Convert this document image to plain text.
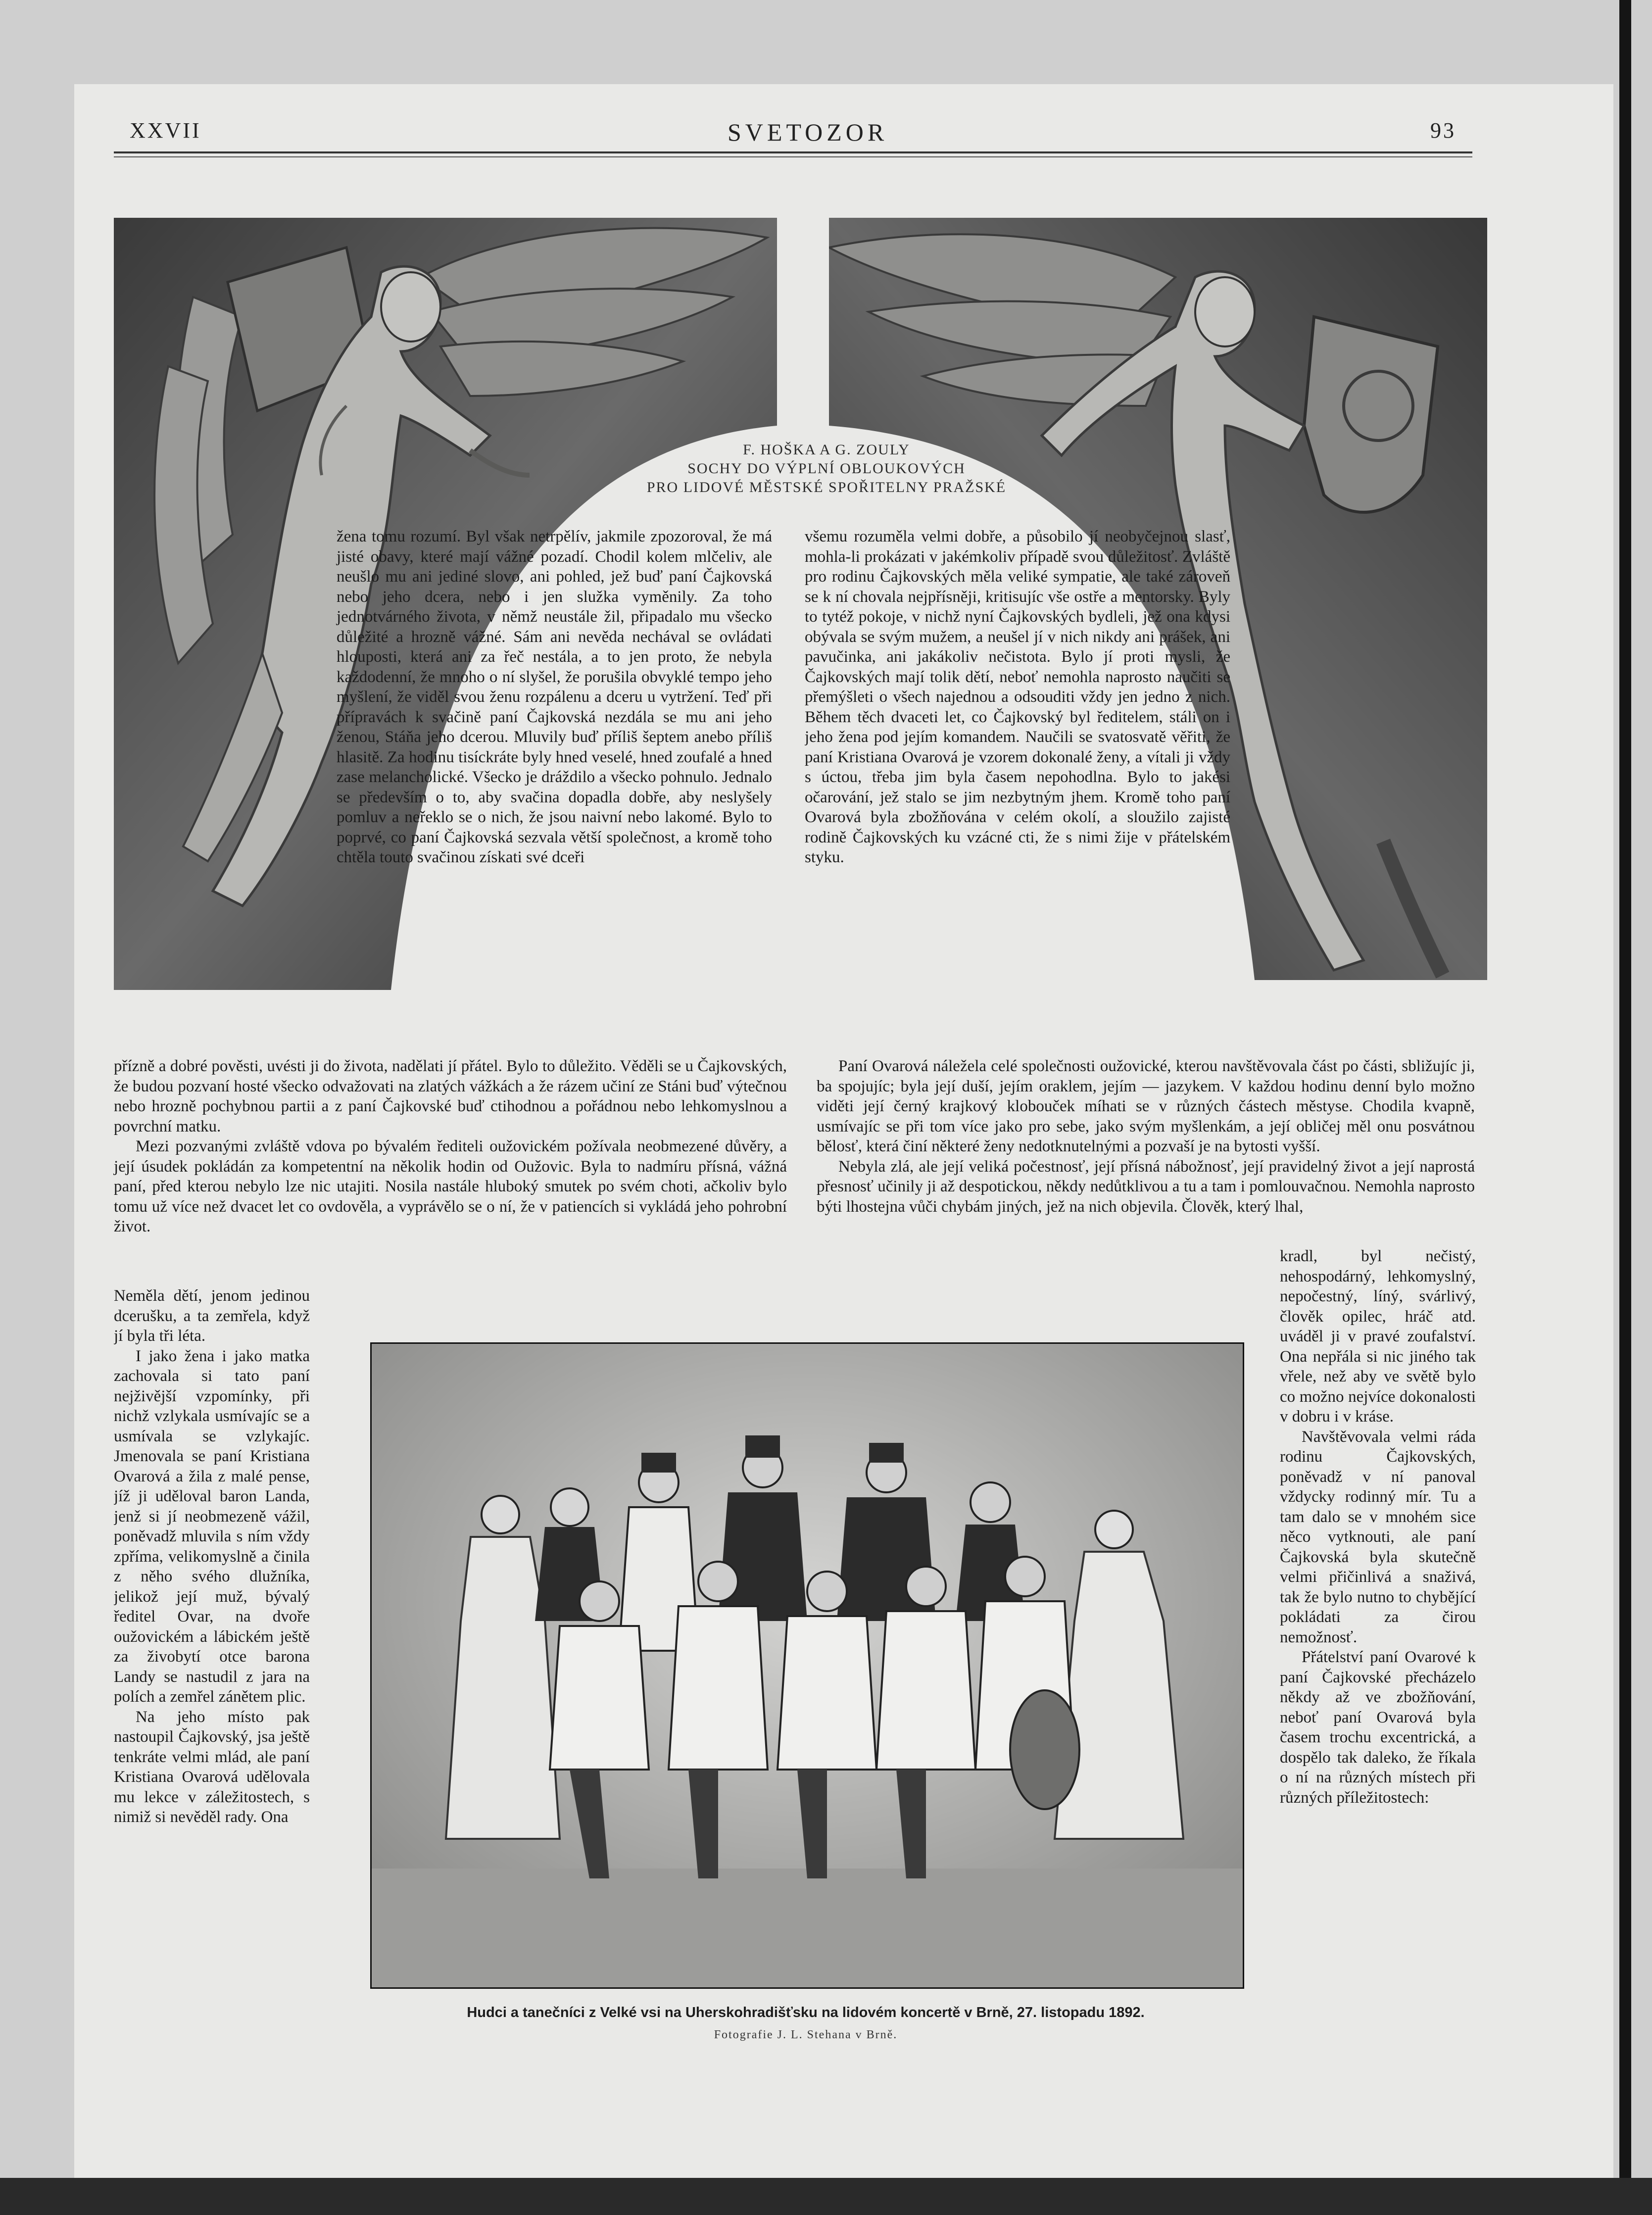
XXVII	SVETOZOR	93
F. HOŠKA A G. ZOULY
SOCHY DO VÝPLNÍ OBLOUKOVÝCH
PRO LIDOVÉ MĚSTSKÉ SPOŘITELNY PRAŽSKÉ

žena tomu rozumí. Byl však netrpělív, jakmile zpozoroval, že má jisté obavy, které mají vážné pozadí. Chodil kolem mlčeliv, ale neušlo mu ani jediné slovo, ani pohled, jež buď paní Čajkovská nebo jeho dcera, nebo i jen služka vyměnily. Za toho jednotvárného života, v němž neustále žil, připadalo mu všecko důležité a hrozně vážné. Sám ani nevěda nechával se ovládati hlouposti, která ani za řeč nestála, a to jen proto, že nebyla každodenní, že mnoho o ní slyšel, že porušila obvyklé tempo jeho myšlení, že viděl svou ženu rozpálenu a dceru u vytržení. Teď při přípravách k svačině paní Čajkovská nezdála se mu ani jeho ženou, Stáňa jeho dcerou. Mluvily buď příliš šeptem anebo příliš hlasitě. Za hodinu tisíckráte byly hned veselé, hned zoufalé a hned zase melancholické. Všecko je dráždilo a všecko pohnulo. Jednalo se především o to, aby svačina dopadla dobře, aby neslyšely pomluv a neřeklo se o nich, že jsou naivní nebo lakomé. Bylo to poprvé, co paní Čajkovská sezvala větší společnost, a kromě toho chtěla touto svačinou získati své dceři

všemu rozuměla velmi dobře, a působilo jí neobyčejnou slasť, mohla-li prokázati v jakémkoliv případě svou důležitosť. Zvláště pro rodinu Čajkovských měla veliké sympatie, ale také zároveň se k ní chovala nejpřísněji, kritisujíc vše ostře a mentorsky. Byly to tytéž pokoje, v nichž nyní Čajkovských bydleli, jež ona kdysi obývala se svým mužem, a neušel jí v nich nikdy ani prášek, ani pavučinka, ani jakákoliv nečistota. Bylo jí proti mysli, že Čajkovských mají tolik dětí, neboť nemohla naprosto naučiti se přemýšleti o všech najednou a odsouditi vždy jen jedno z nich. Během těch dvaceti let, co Čajkovský byl ředitelem, stáli on i jeho žena pod jejím komandem. Naučili se svatosvatě věřiti, že paní Kristiana Ovarová je vzorem dokonalé ženy, a vítali ji vždy s úctou, třeba jim byla časem nepohodlna. Bylo to jakési očarování, jež stalo se jim nezbytným jhem. Kromě toho paní Ovarová byla zbožňována v celém okolí, a sloužilo zajisté rodině Čajkovských ku vzácné cti, že s nimi žije v přátelském styku.

přízně a dobré pověsti, uvésti ji do života, nadělati jí přátel. Bylo to důležito. Věděli se u Čajkovských, že budou pozvaní hosté všecko odvažovati na zlatých vážkách a že rázem učiní ze Stáni buď výtečnou nebo hrozně pochybnou partii a z paní Čajkovské buď ctihodnou a pořádnou nebo lehkomyslnou a povrchní matku.

Mezi pozvanými zvláště vdova po bývalém řediteli oužovickém požívala neobmezené důvěry, a její úsudek pokládán za kompetentní na několik hodin od Oužovic. Byla to nadmíru přísná, vážná paní, před kterou nebylo lze nic utajiti. Nosila nastále hluboký smutek po svém choti, ačkoliv bylo tomu už více než dvacet let co ovdověla, a vyprávělo se o ní, že v patiencích si vykládá jeho pohrobní život.

Paní Ovarová náležela celé společnosti oužovické, kterou navštěvovala část po části, sbližujíc ji, ba spojujíc; byla její duší, jejím oraklem, jejím — jazykem. V každou hodinu denní bylo možno viděti její černý krajkový klobouček míhati se v různých částech městyse. Chodila kvapně, usmívajíc se při tom více jako pro sebe, jako svým myšlenkám, a její obličej měl onu posvátnou bělosť, která činí některé ženy nedotknutelnými a pozvaší je na bytosti vyšší.

Nebyla zlá, ale její veliká počestnosť, její přísná nábožnosť, její pravidelný život a její naprostá přesnosť učinily ji až despotickou, někdy nedůtklivou a tu a tam i pomlouvačnou. Nemohla naprosto býti lhostejna vůči chybám jiných, jež na nich objevila. Člověk, který lhal,

Neměla dětí, jenom jedinou dcerušku, a ta zemřela, když jí byla tři léta.

I jako žena i jako matka zachovala si tato paní nejživější vzpomínky, při nichž vzlykala usmívajíc se a usmívala se vzlykajíc. Jmenovala se paní Kristiana Ovarová a žila z malé pense, jíž ji uděloval baron Landa, jenž si jí neobmezeně vážil, poněvadž mluvila s ním vždy zpříma, velikomyslně a činila z něho svého dlužníka, jelikož její muž, bývalý ředitel Ovar, na dvoře oužovickém a lábickém ještě za živobytí otce barona Landy se nastudil z jara na polích a zemřel zánětem plic.

Na jeho místo pak nastoupil Čajkovský, jsa ještě tenkráte velmi mlád, ale paní Kristiana Ovarová udělovala mu lekce v záležitostech, s nimiž si nevěděl rady. Ona

kradl, byl nečistý, nehospodárný, lehkomyslný, nepočestný, líný, svárlivý, člověk opilec, hráč atd. uváděl ji v pravé zoufalství. Ona nepřála si nic jiného tak vřele, než aby ve světě bylo co možno nejvíce dokonalosti v dobru i v kráse.

Navštěvovala velmi ráda rodinu Čajkovských, poněvadž v ní panoval vždycky rodinný mír. Tu a tam dalo se v mnohém sice něco vytknouti, ale paní Čajkovská byla skutečně velmi přičinlivá a snaživá, tak že bylo nutno to chybějící pokládati za čirou nemožnosť.

Přátelství paní Ovarové k paní Čajkovské přecházelo někdy až ve zbožňování, neboť paní Ovarová byla časem trochu excentrická, a dospělo tak daleko, že říkala o ní na různých místech při různých příležitostech:

Hudci a tanečníci z Velké vsi na Uherskohradišťsku na lidovém koncertě v Brně, 27. listopadu 1892.
Fotografie J. L. Stehana v Brně.
